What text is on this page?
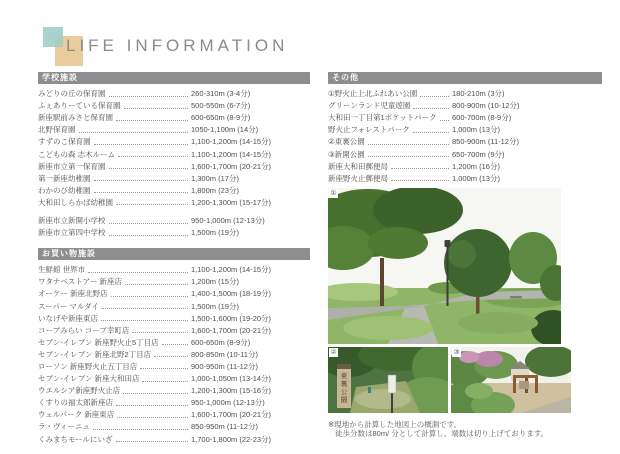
LIFE INFORMATION
学校施設
みどりの丘の保育園	260-310m (3-4分)
ふぇありーている保育園	500-550m (6-7分)
新座駅前みさと保育園	600-650m (8-9分)
北野保育園	1050-1,100m (14分)
すずのこ保育園	1,100-1,200m (14-15分)
こどもの森 志木ルーム	1,100-1,200m (14-15分)
新座市立第一保育園	1,600-1,700m (20-21分)
第一新座幼稚園	1,300m (17分)
わかのび幼稚園	1,800m (23分)
大和田しらかば幼稚園	1,200-1,300m (15-17分)
新座市立新開小学校	950-1,000m (12-13分)
新座市立第四中学校	1,500m (19分)
お買い物施設
生鮮館 世界市	1,100-1,200m (14-15分)
ワタナベストアー 新座店	1,200m (15分)
オーケー 新座北野店	1,400-1,500m (18-19分)
スーパー マルダイ	1,500m (19分)
いなげや新座東店	1,500-1,600m (19-20分)
コープみらい コープ幸町店	1,600-1,700m (20-21分)
セブン-イレブン 新座野火止5丁目店	600-650m (8-9分)
セブン-イレブン 新座北野2丁目店	800-850m (10-11分)
ローソン 新座野火止五丁目店	900-950m (11-12分)
セブン-イレブン 新座大和田店	1,000-1,050m (13-14分)
ウエルシア新座野火止店	1,200-1,300m (15-16分)
くすりの福太郎新座店	950-1,000m (12-13分)
ウェルパーク 新座東店	1,600-1,700m (20-21分)
ラ・ヴィーニュ	850-950m (11-12分)
くみまちモールにいざ	1,700-1,800m (22-23分)
その他
①野火止上北ふれあい公園	180-210m (3分)
グリーンランド児童遊園	800-900m (10-12分)
大和田一丁目第1ポケットパーク 600-700m (8-9分)
野火止フォレストパーク	1,000m (13分)
②東裏公園	850-900m (11-12分)
③新開公園	650-700m (9分)
新座大和田郵便局	1,200m (16分)
新座野火止郵便局	1,000m (13分)
①
東
裏
公
園
②	③
※現地から計算した地図上の概測です。
徒歩分数は80m/ 分として計算し、端数は切り上げております。
